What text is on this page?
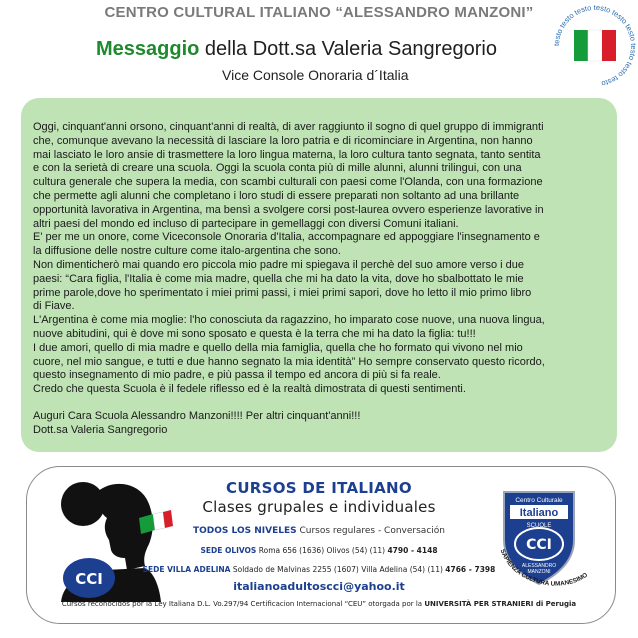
CENTRO CULTURAL ITALIANO “ALESSANDRO MANZONI”
Messaggio della Dott.sa Valeria Sangregorio
Vice Console Onoraria d´Italia
testo testo testo testo testo testo testo testo testo
Oggi, cinquant'anni orsono, cinquant'anni di realtà, di aver raggiunto il sogno di quel gruppo di immigranti
che, comunque avevano la necessità di lasciare la loro patria e di ricominciare in Argentina, non hanno
mai lasciato le loro ansie di trasmettere la loro lingua materna, la loro cultura tanto segnata, tanto sentita
e con la serietà di creare una scuola. Oggi la scuola conta più di mille alunni, alunni trilingui, con una
cultura generale che supera la media, con scambi culturali con paesi come l'Olanda, con una formazione
che permette agli alunni che completano i loro studi di essere preparati non soltanto ad una brillante
opportunità lavorativa in Argentina, ma bensì a svolgere corsi post-laurea ovvero esperienze lavorative in
altri paesi del mondo ed incluso di partecipare in gemellaggi con diversi Comuni italiani.
E' per me un onore, come Viceconsole Onoraria d'Italia, accompagnare ed appoggiare l'insegnamento e
la diffusione delle nostre culture come italo-argentina che sono.
Non dimenticherò mai quando ero piccola mio padre mi spiegava il perchè del suo amore verso i due
paesi: “Cara figlia, l'Italia è come mia madre, quella che mi ha dato la vita, dove ho sbalbottato le mie
prime parole,dove ho sperimentato i miei primi passi, i miei primi sapori, dove ho letto il mio primo libro
di Fiave.
L'Argentina è come mia moglie: l'ho conosciuta da ragazzino, ho imparato cose nuove, una nuova lingua,
nuove abitudini, qui è dove mi sono sposato e questa è la terra che mi ha dato la figlia: tu!!!
I due amori, quello di mia madre e quello della mia famiglia, quella che ho formato qui vivono nel mio
cuore, nel mio sangue, e tutti e due hanno segnato la mia identità” Ho sempre conservato questo ricordo,
questo insegnamento di mio padre, e più passa il tempo ed ancora di più si fa reale.
Credo che questa Scuola è il fedele riflesso ed è la realtà dimostrata di questi sentimenti.
Auguri Cara Scuola Alessandro Manzoni!!!! Per altri cinquant'anni!!!
Dott.sa Valeria Sangregorio
CCI
Centro Culturale
Italiano
SCUOLE
CCI
ALESSANDRO
MANZONI
SAPIENZA CULTURA UMANESIMO
CURSOS DE ITALIANO
Clases grupales e individuales
TODOS LOS NIVELES Cursos regulares - Conversación
SEDE OLIVOS Roma 656 (1636) Olivos (54) (11) 4790 - 4148
SEDE VILLA ADELINA Soldado de Malvinas 2255 (1607) Villa Adelina (54) (11) 4766 - 7398
italianoadultoscci@yahoo.it
Cursos reconocidos por la Ley Italiana D.L. Vo.297/94 Certificacion Internacional “CEU” otorgada por la UNIVERSITÀ PER STRANIERI di Perugia
